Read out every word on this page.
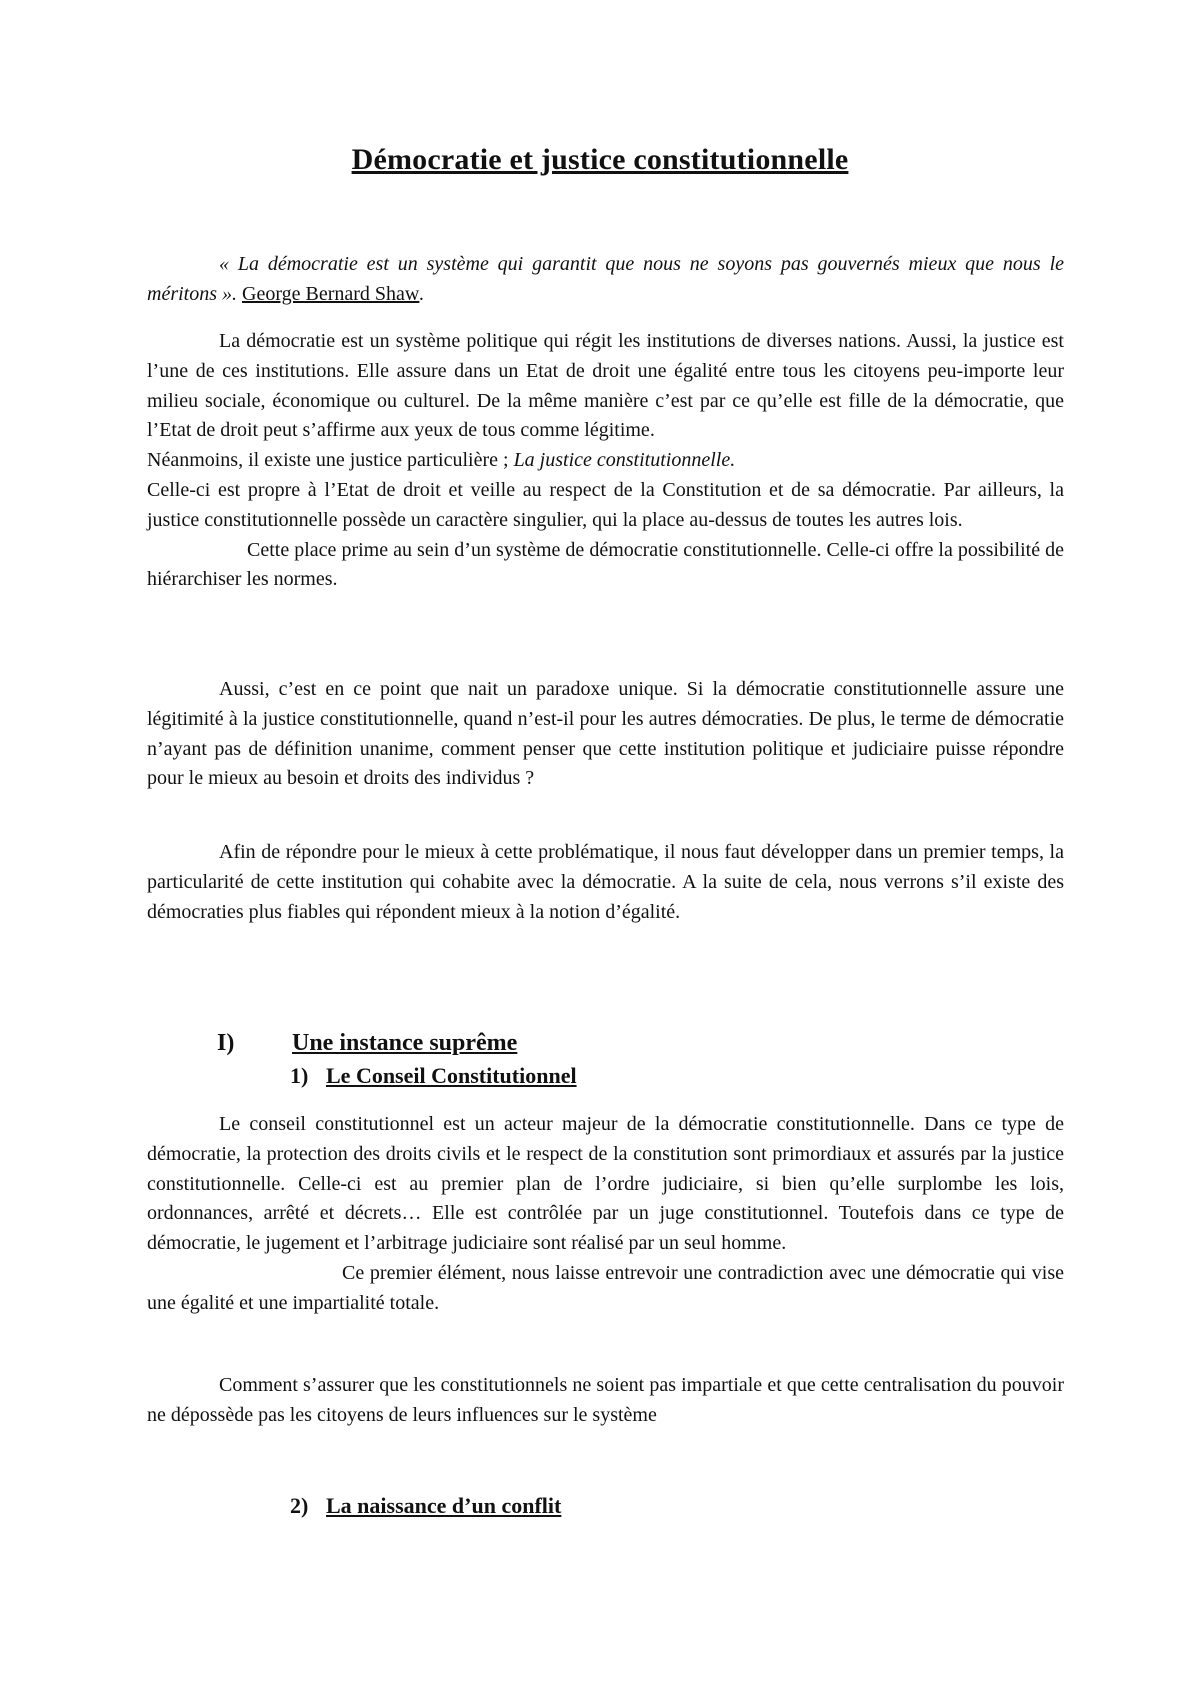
Démocratie et justice constitutionnelle

« La démocratie est un système qui garantit que nous ne soyons pas gouvernés mieux que nous le méritons ». George Bernard Shaw.

La démocratie est un système politique qui régit les institutions de diverses nations. Aussi, la justice est l’une de ces institutions. Elle assure dans un Etat de droit une égalité entre tous les citoyens peu-importe leur milieu sociale, économique ou culturel. De la même manière c’est par ce qu’elle est fille de la démocratie, que l’Etat de droit peut s’affirme aux yeux de tous comme légitime.

Néanmoins, il existe une justice particulière ; La justice constitutionnelle.

Celle-ci est propre à l’Etat de droit et veille au respect de la Constitution et de sa démocratie. Par ailleurs, la justice constitutionnelle possède un caractère singulier, qui la place au-dessus de toutes les autres lois.

Cette place prime au sein d’un système de démocratie constitutionnelle. Celle-ci offre la possibilité de hiérarchiser les normes.

Aussi, c’est en ce point que nait un paradoxe unique. Si la démocratie constitutionnelle assure une légitimité à la justice constitutionnelle, quand n’est-il pour les autres démocraties. De plus, le terme de démocratie n’ayant pas de définition unanime, comment penser que cette institution politique et judiciaire puisse répondre pour le mieux au besoin et droits des individus ?

Afin de répondre pour le mieux à cette problématique, il nous faut développer dans un premier temps, la particularité de cette institution qui cohabite avec la démocratie. A la suite de cela, nous verrons s’il existe des démocraties plus fiables qui répondent mieux à la notion d’égalité.

I) Une instance suprême
1) Le Conseil Constitutionnel

Le conseil constitutionnel est un acteur majeur de la démocratie constitutionnelle. Dans ce type de démocratie, la protection des droits civils et le respect de la constitution sont primordiaux et assurés par la justice constitutionnelle. Celle-ci est au premier plan de l’ordre judiciaire, si bien qu’elle surplombe les lois, ordonnances, arrêté et décrets… Elle est contrôlée par un juge constitutionnel. Toutefois dans ce type de démocratie, le jugement et l’arbitrage judiciaire sont réalisé par un seul homme.

Ce premier élément, nous laisse entrevoir une contradiction avec une démocratie qui vise une égalité et une impartialité totale.

Comment s’assurer que les constitutionnels ne soient pas impartiale et que cette centralisation du pouvoir ne dépossède pas les citoyens de leurs influences sur le système

2) La naissance d’un conflit
